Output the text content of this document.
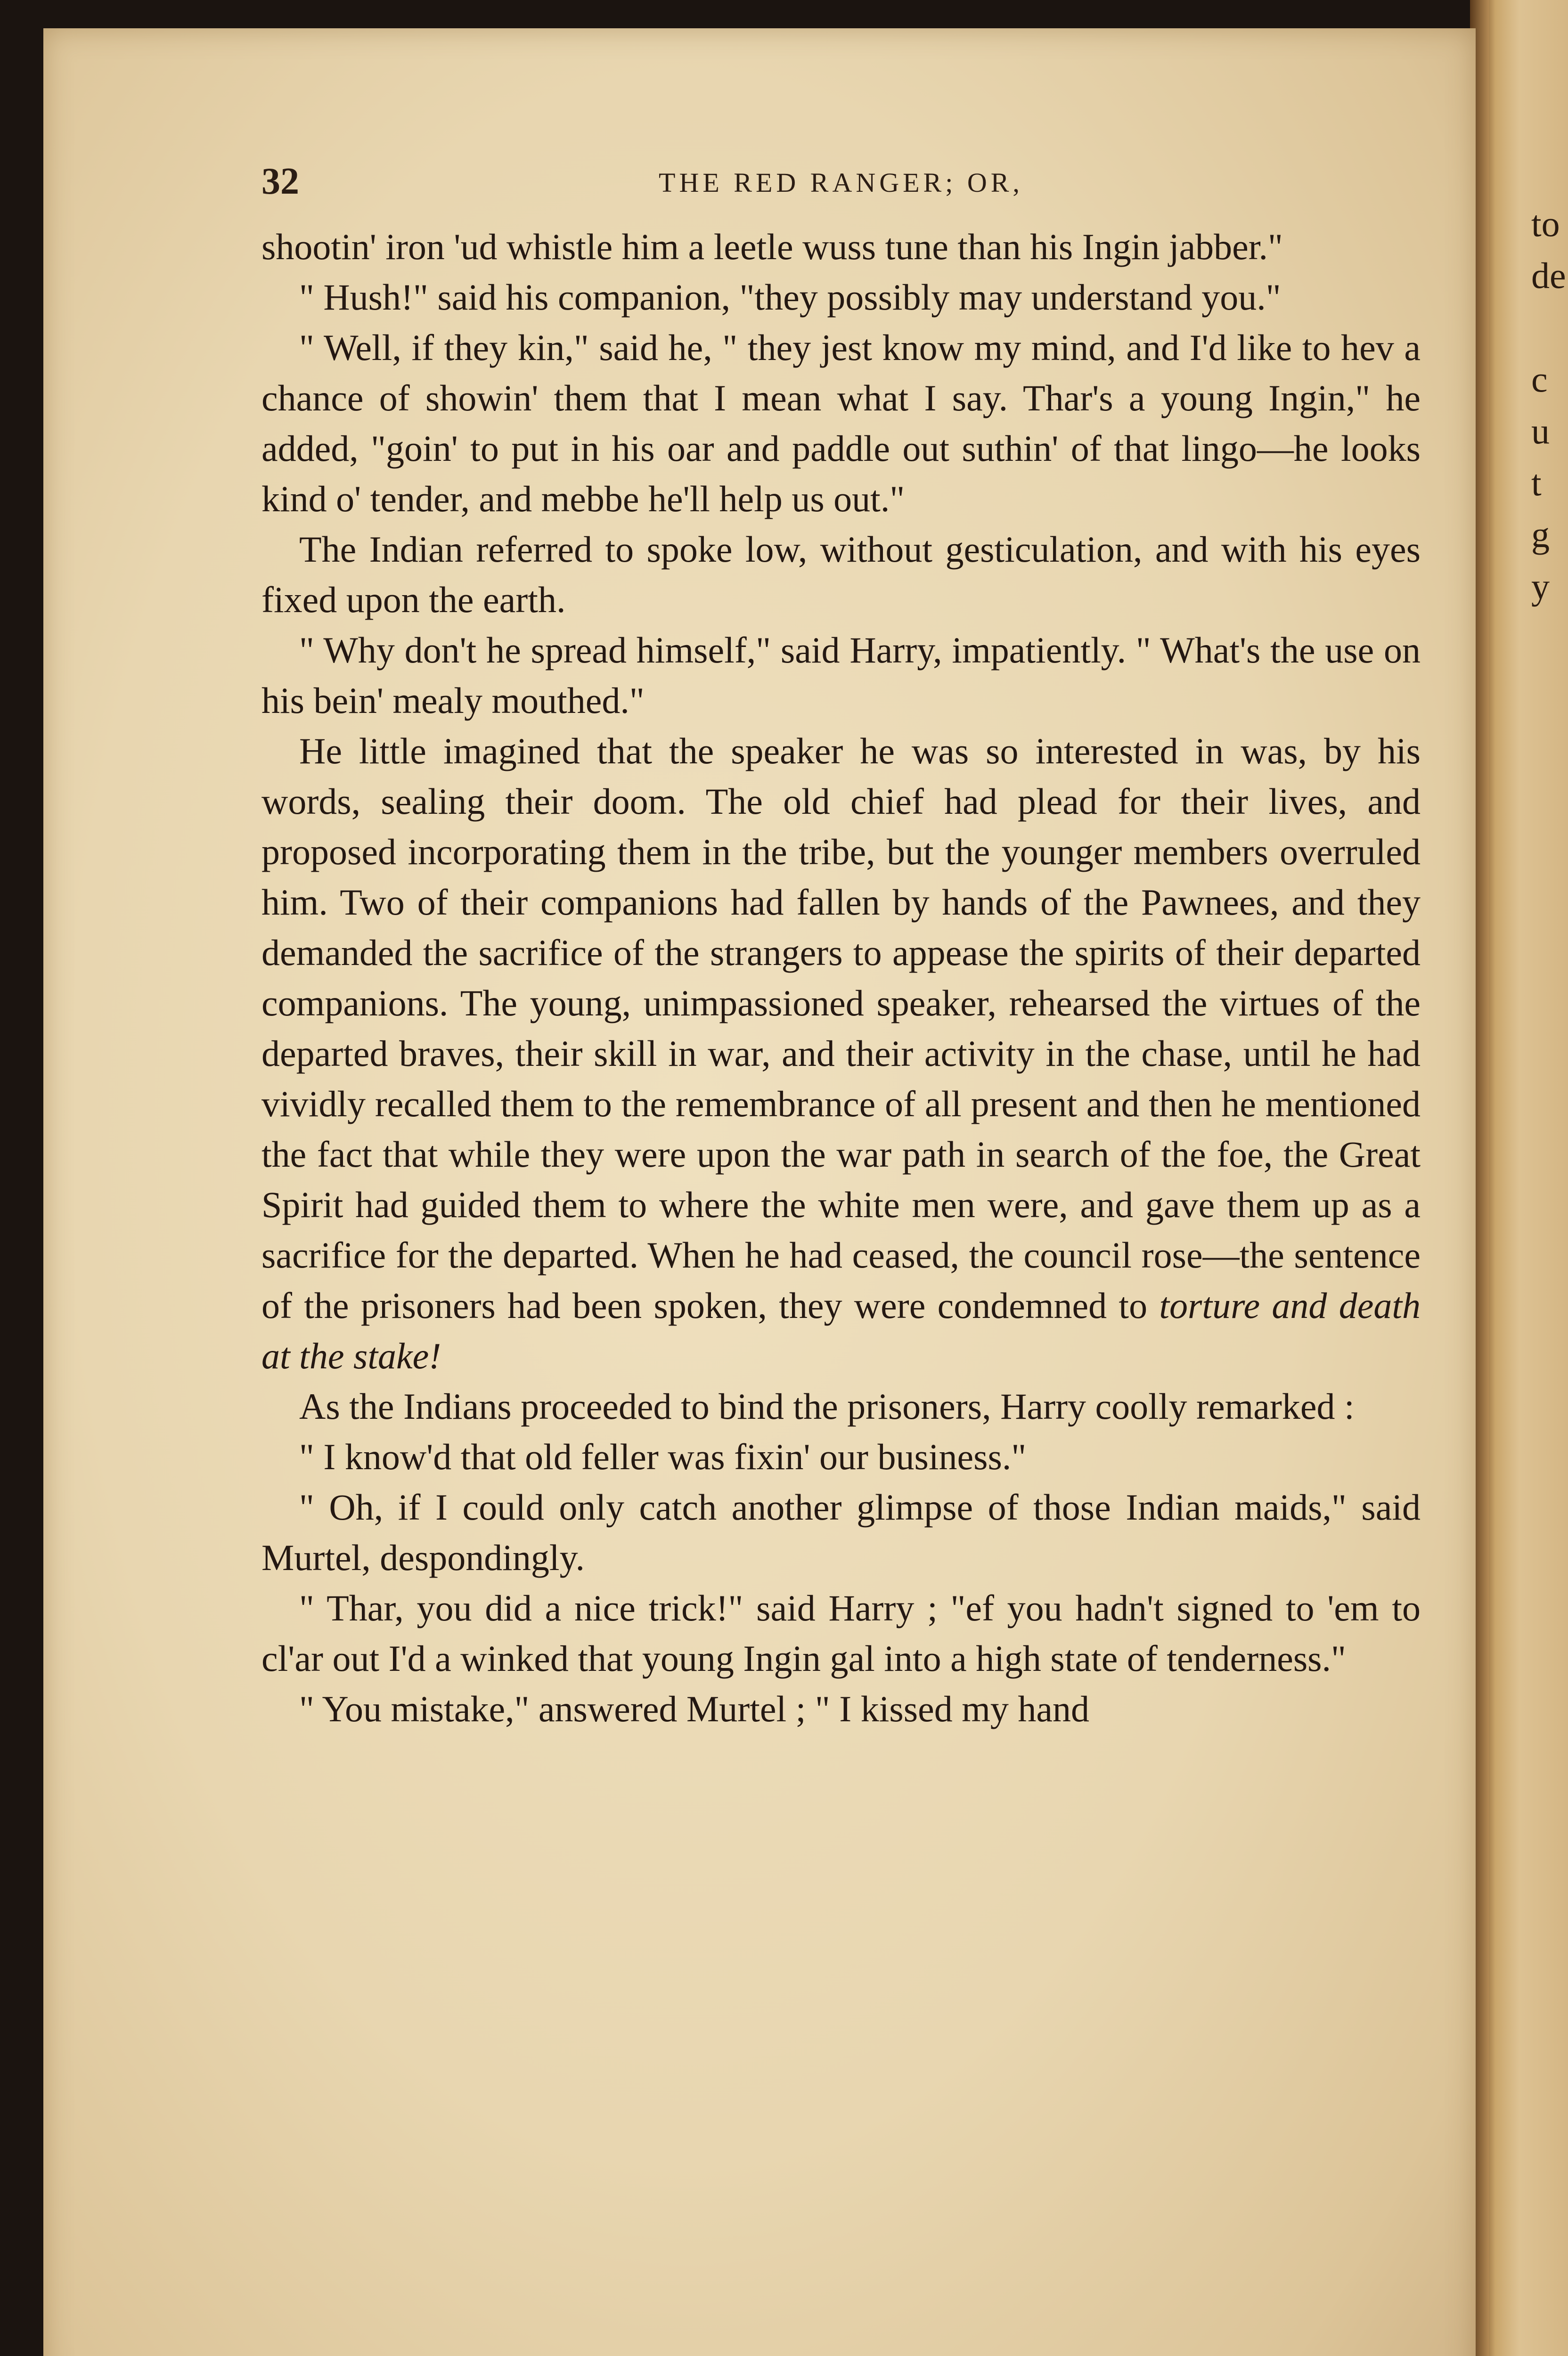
to
de

c
u
t
g
y
32	THE RED RANGER; OR,

shootin' iron 'ud whistle him a leetle wuss tune than his Ingin jabber."

" Hush!" said his companion, "they possibly may understand you."

" Well, if they kin," said he, " they jest know my mind, and I'd like to hev a chance of showin' them that I mean what I say. Thar's a young Ingin," he added, "goin' to put in his oar and paddle out suthin' of that lingo—he looks kind o' tender, and mebbe he'll help us out."

The Indian referred to spoke low, without gesticulation, and with his eyes fixed upon the earth.

" Why don't he spread himself," said Harry, impatiently. " What's the use on his bein' mealy mouthed."

He little imagined that the speaker he was so interested in was, by his words, sealing their doom. The old chief had plead for their lives, and proposed incorporating them in the tribe, but the younger members overruled him. Two of their companions had fallen by hands of the Pawnees, and they demanded the sacrifice of the strangers to appease the spirits of their departed companions. The young, unimpassioned speaker, rehearsed the virtues of the departed braves, their skill in war, and their activity in the chase, until he had vividly recalled them to the remembrance of all present and then he mentioned the fact that while they were upon the war path in search of the foe, the Great Spirit had guided them to where the white men were, and gave them up as a sacrifice for the departed. When he had ceased, the council rose—the sentence of the prisoners had been spoken, they were condemned to torture and death at the stake!

As the Indians proceeded to bind the prisoners, Harry coolly remarked :

" I know'd that old feller was fixin' our business."

" Oh, if I could only catch another glimpse of those Indian maids," said Murtel, despondingly.

" Thar, you did a nice trick!" said Harry ; "ef you hadn't signed to 'em to cl'ar out I'd a winked that young Ingin gal into a high state of tenderness."

" You mistake," answered Murtel ; " I kissed my hand
